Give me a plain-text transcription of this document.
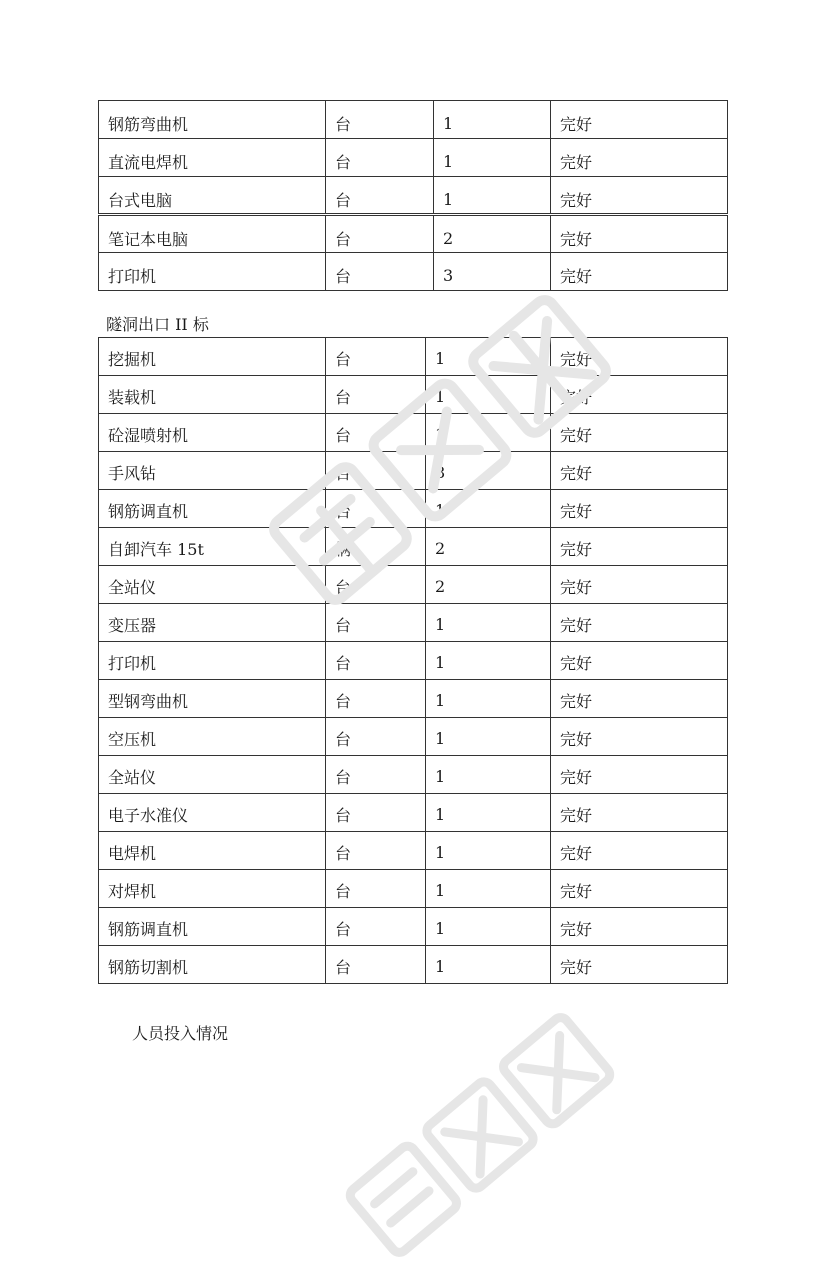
钢筋弯曲机	台	1	完好
直流电焊机	台	1	完好
台式电脑	台	1	完好
笔记本电脑	台	2	完好
打印机	台	3	完好
隧洞出口 II 标
挖掘机	台	1	完好
装载机	台	1	完好
砼湿喷射机	台	1	完好
手风钻	台	8	完好
钢筋调直机	台	1	完好
自卸汽车 15t	辆	2	完好
全站仪	台	2	完好
变压器	台	1	完好
打印机	台	1	完好
型钢弯曲机	台	1	完好
空压机	台	1	完好
全站仪	台	1	完好
电子水准仪	台	1	完好
电焊机	台	1	完好
对焊机	台	1	完好
钢筋调直机	台	1	完好
钢筋切割机	台	1	完好
人员投入情况
